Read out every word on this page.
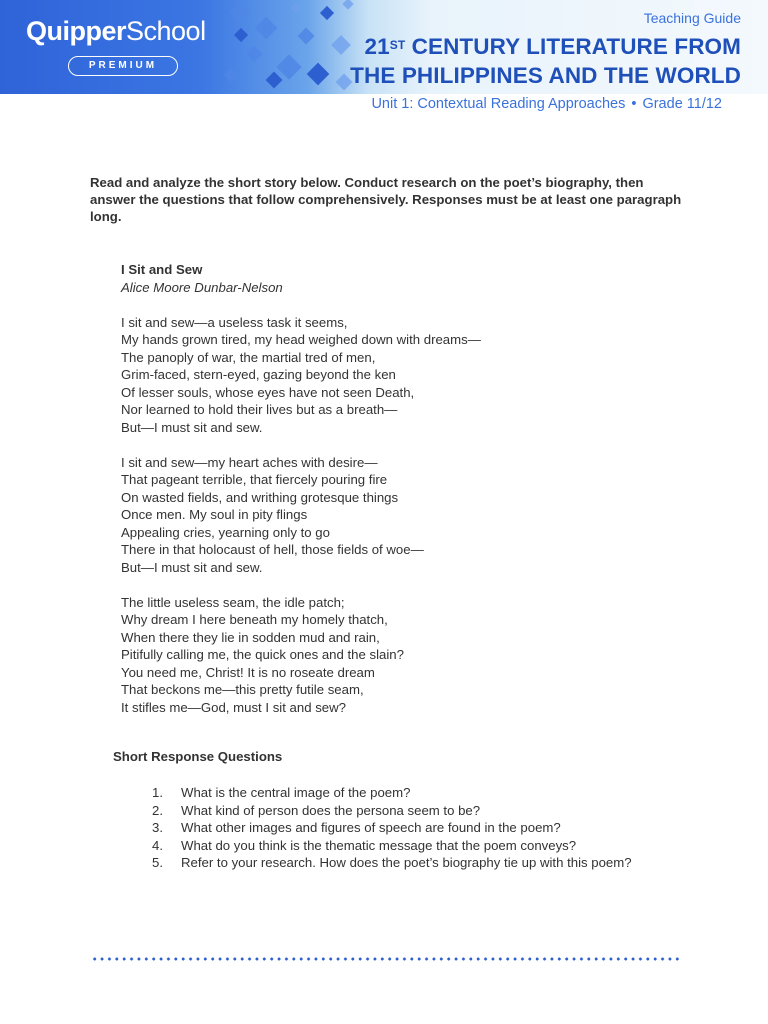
QuipperSchool
PREMIUM
Teaching Guide
21ST CENTURY LITERATURE FROM
THE PHILIPPINES AND THE WORLD
Unit 1: Contextual Reading Approaches • Grade 11/12

Read and analyze the short story below. Conduct research on the poet’s biography, then answer the questions that follow comprehensively. Responses must be at least one paragraph long.

I Sit and Sew
Alice Moore Dunbar-Nelson
I sit and sew—a useless task it seems,
My hands grown tired, my head weighed down with dreams—
The panoply of war, the martial tred of men,
Grim-faced, stern-eyed, gazing beyond the ken
Of lesser souls, whose eyes have not seen Death,
Nor learned to hold their lives but as a breath—
But—I must sit and sew.
I sit and sew—my heart aches with desire—
That pageant terrible, that fiercely pouring fire
On wasted fields, and writhing grotesque things
Once men. My soul in pity flings
Appealing cries, yearning only to go
There in that holocaust of hell, those fields of woe—
But—I must sit and sew.
The little useless seam, the idle patch;
Why dream I here beneath my homely thatch,
When there they lie in sodden mud and rain,
Pitifully calling me, the quick ones and the slain?
You need me, Christ! It is no roseate dream
That beckons me—this pretty futile seam,
It stifles me—God, must I sit and sew?
Short Response Questions
1.	What is the central image of the poem?
2.	What kind of person does the persona seem to be?
3.	What other images and figures of speech are found in the poem?
4.	What do you think is the thematic message that the poem conveys?
5.	Refer to your research. How does the poet’s biography tie up with this poem?
